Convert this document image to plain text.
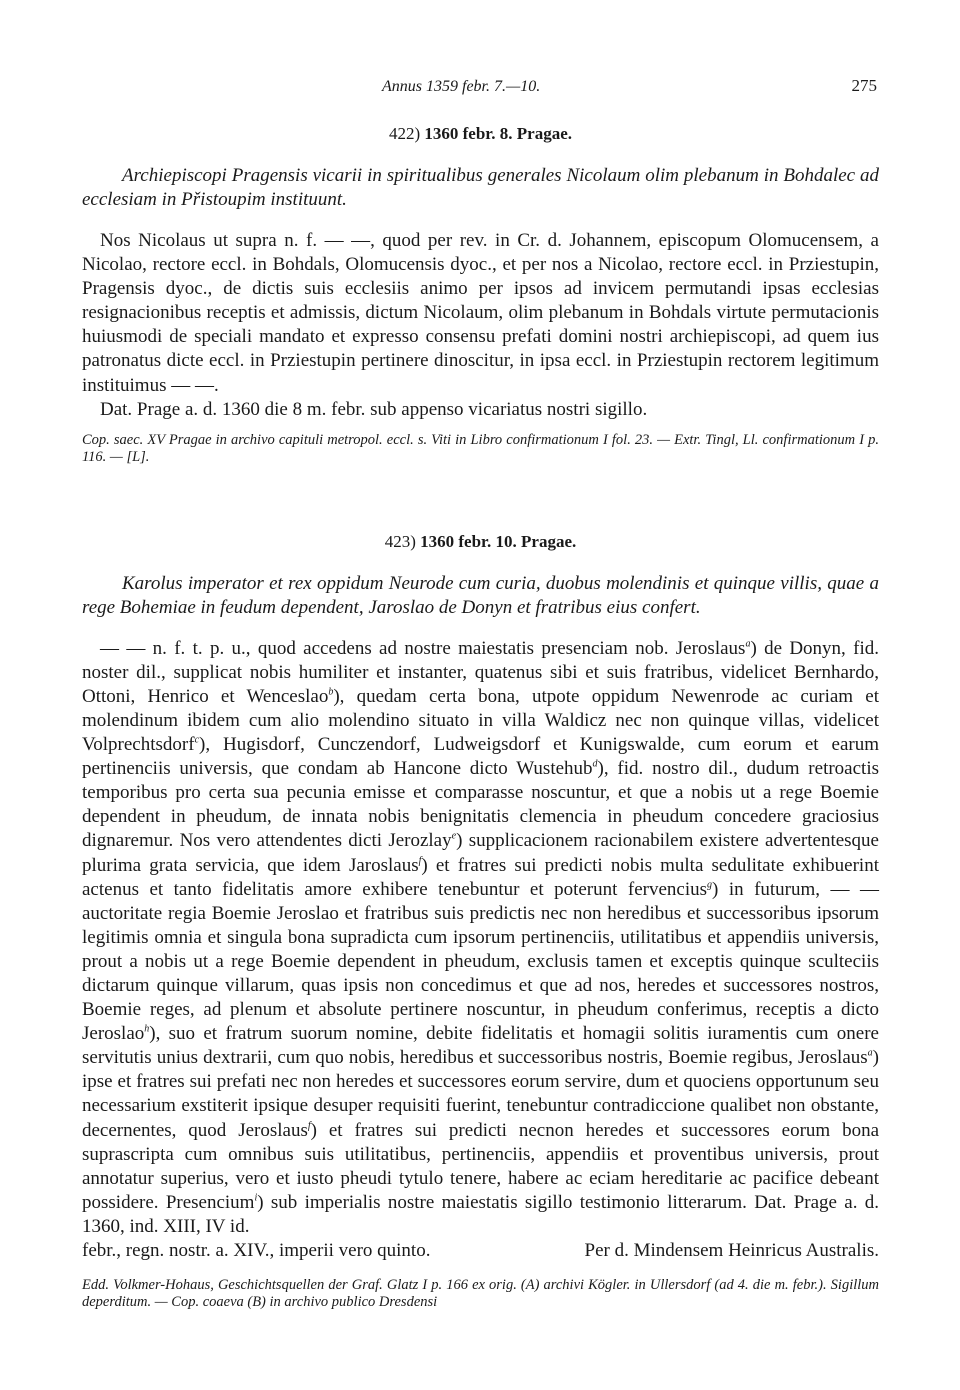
Annus 1359 febr. 7.—10.	275
422) 1360 febr. 8. Pragae.

Archiepiscopi Pragensis vicarii in spiritualibus generales Nicolaum olim plebanum in Bohdalec ad ecclesiam in Přistoupim instituunt.

Nos Nicolaus ut supra n. f. — —, quod per rev. in Cr. d. Johannem, episcopum Olomucensem, a Nicolao, rectore eccl. in Bohdals, Olomucensis dyoc., et per nos a Nicolao, rectore eccl. in Prziestupin, Pragensis dyoc., de dictis suis ecclesiis animo per ipsos ad invicem permutandi ipsas ecclesias resignacionibus receptis et admissis, dictum Nicolaum, olim plebanum in Bohdals virtute permutacionis huiusmodi de speciali mandato et expresso consensu prefati domini nostri archiepiscopi, ad quem ius patronatus dicte eccl. in Prziestupin pertinere dinoscitur, in ipsa eccl. in Prziestupin rectorem legitimum instituimus — —.

Dat. Prage a. d. 1360 die 8 m. febr. sub appenso vicariatus nostri sigillo.

Cop. saec. XV Pragae in archivo capituli metropol. eccl. s. Viti in Libro confirmationum I fol. 23. — Extr. Tingl, Ll. confirmationum I p. 116. — [L].

423) 1360 febr. 10. Pragae.

Karolus imperator et rex oppidum Neurode cum curia, duobus molendinis et quinque villis, quae a rege Bohemiae in feudum dependent, Jaroslao de Donyn et fratribus eius confert.

— — n. f. t. p. u., quod accedens ad nostre maiestatis presenciam nob. Jeroslaus$^a$) de Donyn, fid. noster dil., supplicat nobis humiliter et instanter, quatenus sibi et suis fratribus, videlicet Bernhardo, Ottoni, Henrico et Wenceslao$^b$), quedam certa bona, utpote oppidum Newenrode ac curiam et molendinum ibidem cum alio molendino situato in villa Waldicz nec non quinque villas, videlicet Volprechtsdorf$^c$), Hugisdorf, Cunczendorf, Ludweigsdorf et Kunigswalde, cum eorum et earum pertinenciis universis, que condam ab Hancone dicto Wustehub$^d$), fid. nostro dil., dudum retroactis temporibus pro certa sua pecunia emisse et comparasse noscuntur, et que a nobis ut a rege Boemie dependent in pheudum, de innata nobis benignitatis clemencia in pheudum concedere graciosius dignaremur. Nos vero attendentes dicti Jerozlay$^e$) supplicacionem racionabilem existere advertentesque plurima grata servicia, que idem Jaroslaus$^f$) et fratres sui predicti nobis multa sedulitate exhibuerint actenus et tanto fidelitatis amore exhibere tenebuntur et poterunt fervencius$^g$) in futurum, — — auctoritate regia Boemie Jeroslao et fratribus suis predictis nec non heredibus et successoribus ipsorum legitimis omnia et singula bona supradicta cum ipsorum pertinenciis, utilitatibus et appendiis universis, prout a nobis ut a rege Boemie dependent in pheudum, exclusis tamen et exceptis quinque sculteciis dictarum quinque villarum, quas ipsis non concedimus et que ad nos, heredes et successores nostros, Boemie reges, ad plenum et absolute pertinere noscuntur, in pheudum conferimus, receptis a dicto Jeroslao$^h$), suo et fratrum suorum nomine, debite fidelitatis et homagii solitis iuramentis cum onere servitutis unius dextrarii, cum quo nobis, heredibus et successoribus nostris, Boemie regibus, Jeroslaus$^a$) ipse et fratres sui prefati nec non heredes et successores eorum servire, dum et quociens opportunum seu necessarium exstiterit ipsique desuper requisiti fuerint, tenebuntur contradiccione qualibet non obstante, decernentes, quod Jeroslaus$^f$) et fratres sui predicti necnon heredes et successores eorum bona suprascripta cum omnibus suis utilitatibus, pertinenciis, appendiis et proventibus universis, prout annotatur superius, vero et iusto pheudi tytulo tenere, habere ac eciam hereditarie ac pacifice debeant possidere. Presencium$^i$) sub imperialis nostre maiestatis sigillo testimonio litterarum. Dat. Prage a. d. 1360, ind. XIII, IV id.

febr., regn. nostr. a. XIV., imperii vero quinto.	Per d. Mindensem Heinricus Australis.

Edd. Volkmer-Hohaus, Geschichtsquellen der Graf. Glatz I p. 166 ex orig. (A) archivi Kögler. in Ullersdorf (ad 4. die m. febr.). Sigillum deperditum. — Cop. coaeva (B) in archivo publico Dresdensi
